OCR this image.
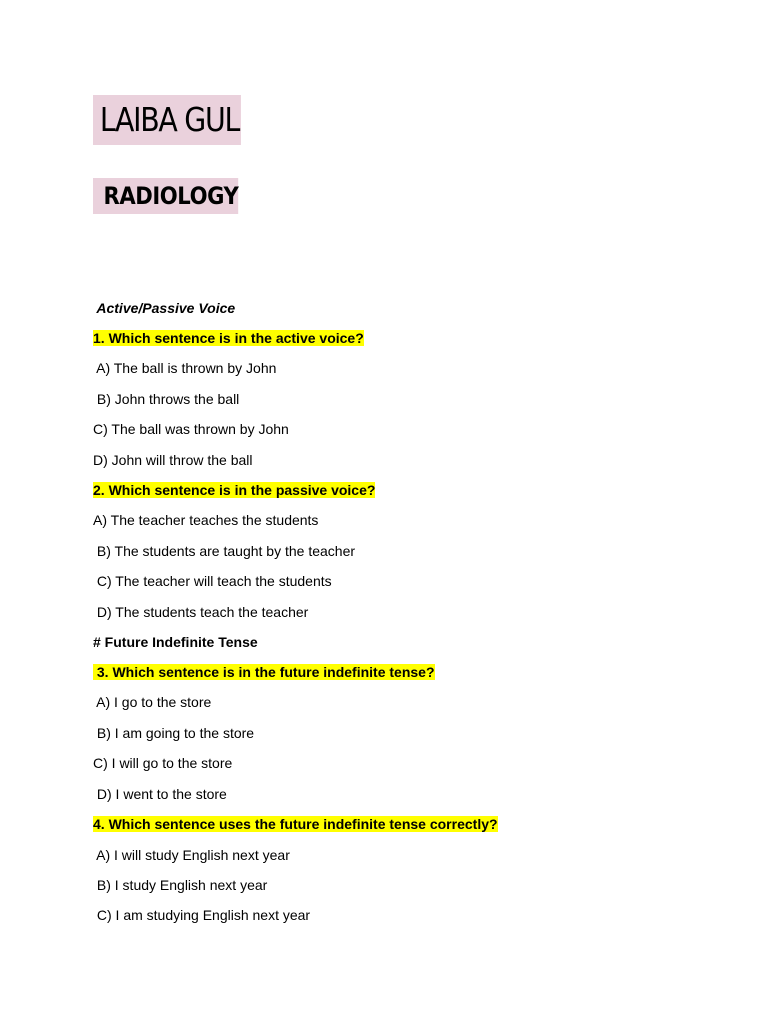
LAIBA GUL
RADIOLOGY
Active/Passive Voice
1. Which sentence is in the active voice?
A) The ball is thrown by John
B) John throws the ball
C) The ball was thrown by John
D) John will throw the ball
2. Which sentence is in the passive voice?
A) The teacher teaches the students
B) The students are taught by the teacher
C) The teacher will teach the students
D) The students teach the teacher
# Future Indefinite Tense
3. Which sentence is in the future indefinite tense?
A) I go to the store
B) I am going to the store
C) I will go to the store
D) I went to the store
4. Which sentence uses the future indefinite tense correctly?
A) I will study English next year
B) I study English next year
C) I am studying English next year
